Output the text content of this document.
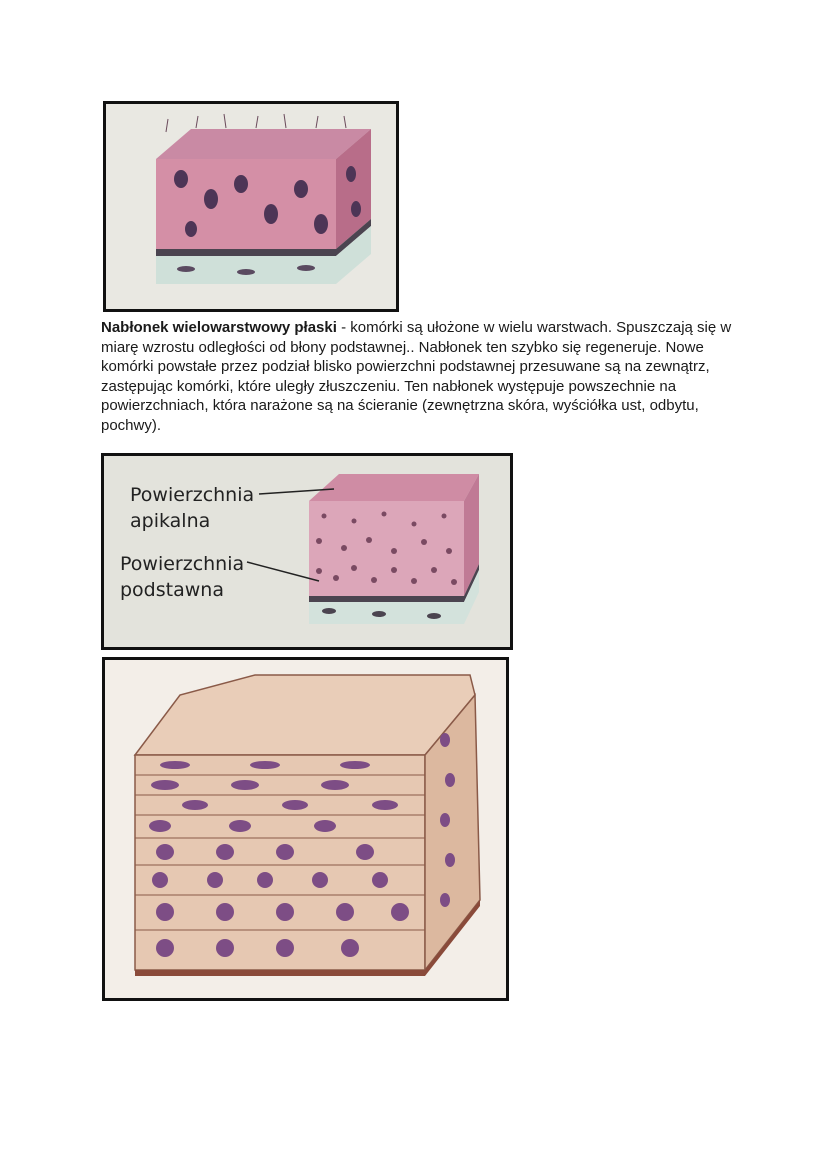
Nabłonek wielowarstwowy płaski - komórki są ułożone w wielu warstwach. Spuszczają się w miarę wzrostu odległości od błony podstawnej.. Nabłonek ten szybko się regeneruje. Nowe komórki powstałe przez podział blisko powierzchni podstawnej przesuwane są na zewnątrz, zastępując komórki, które uległy złuszczeniu. Ten nabłonek występuje powszechnie na powierzchniach, która narażone są na ścieranie (zewnętrzna skóra, wyściółka ust, odbytu, pochwy).
Powierzchnia
apikalna
Powierzchnia
podstawna
